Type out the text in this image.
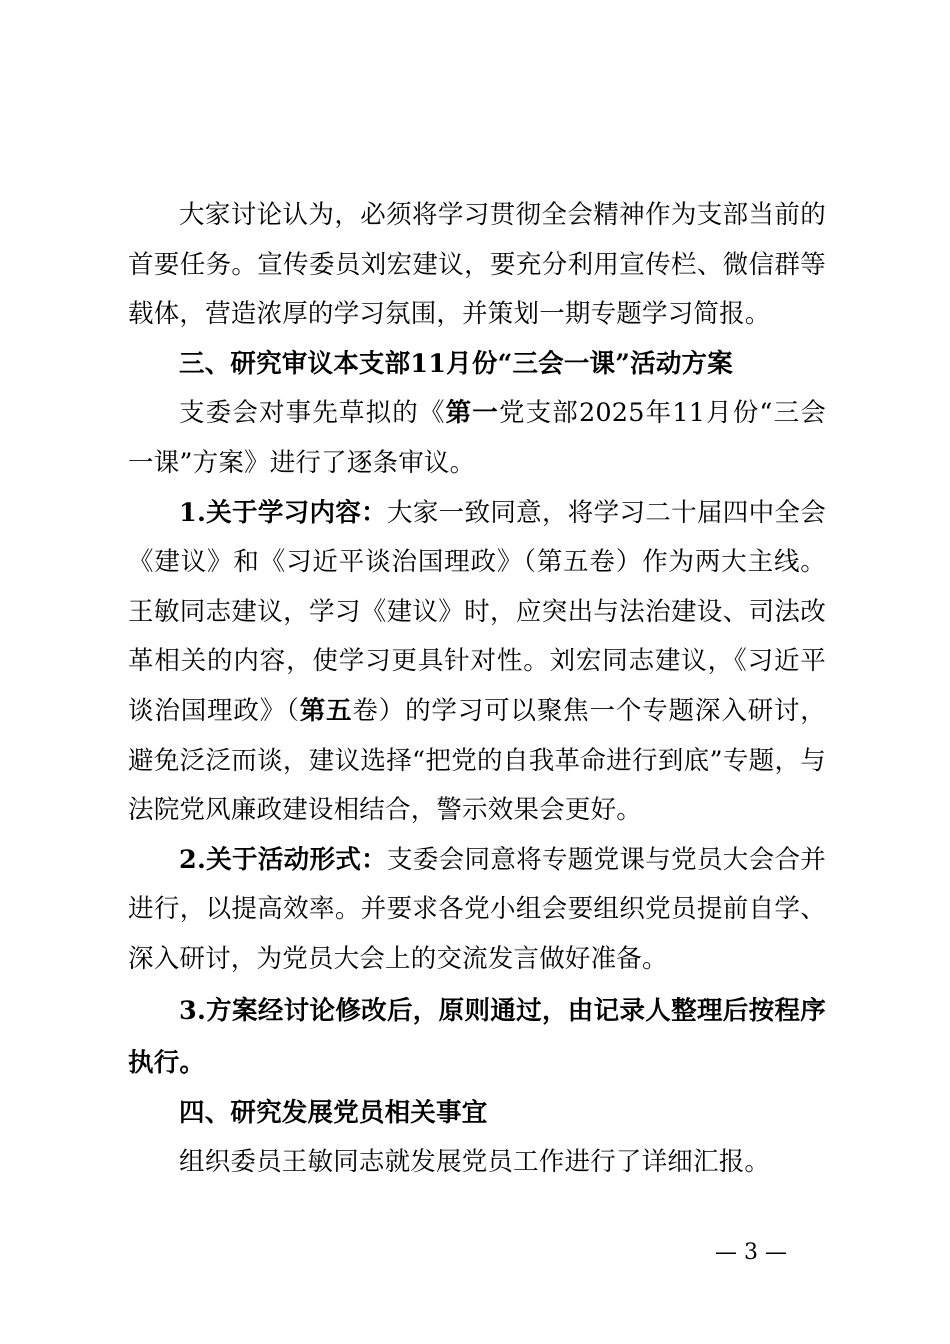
大家讨论认为，必须将学习贯彻全会精神作为支部当前的首要任务。宣传委员刘宏建议，要充分利用宣传栏、微信群等载体，营造浓厚的学习氛围，并策划一期专题学习简报。

三、研究审议本支部11月份“三会一课”活动方案

支委会对事先草拟的《第一党支部2025年11月份“三会一课”方案》进行了逐条审议。

1.关于学习内容：大家一致同意，将学习二十届四中全会《建议》和《习近平谈治国理政》（第五卷）作为两大主线。王敏同志建议，学习《建议》时，应突出与法治建设、司法改革相关的内容，使学习更具针对性。刘宏同志建议，《习近平谈治国理政》（第五卷）的学习可以聚焦一个专题深入研讨，避免泛泛而谈，建议选择“把党的自我革命进行到底”专题，与法院党风廉政建设相结合，警示效果会更好。

2.关于活动形式：支委会同意将专题党课与党员大会合并进行，以提高效率。并要求各党小组会要组织党员提前自学、深入研讨，为党员大会上的交流发言做好准备。

3.方案经讨论修改后，原则通过，由记录人整理后按程序执行。

四、研究发展党员相关事宜

组织委员王敏同志就发展党员工作进行了详细汇报。

— 3 —
